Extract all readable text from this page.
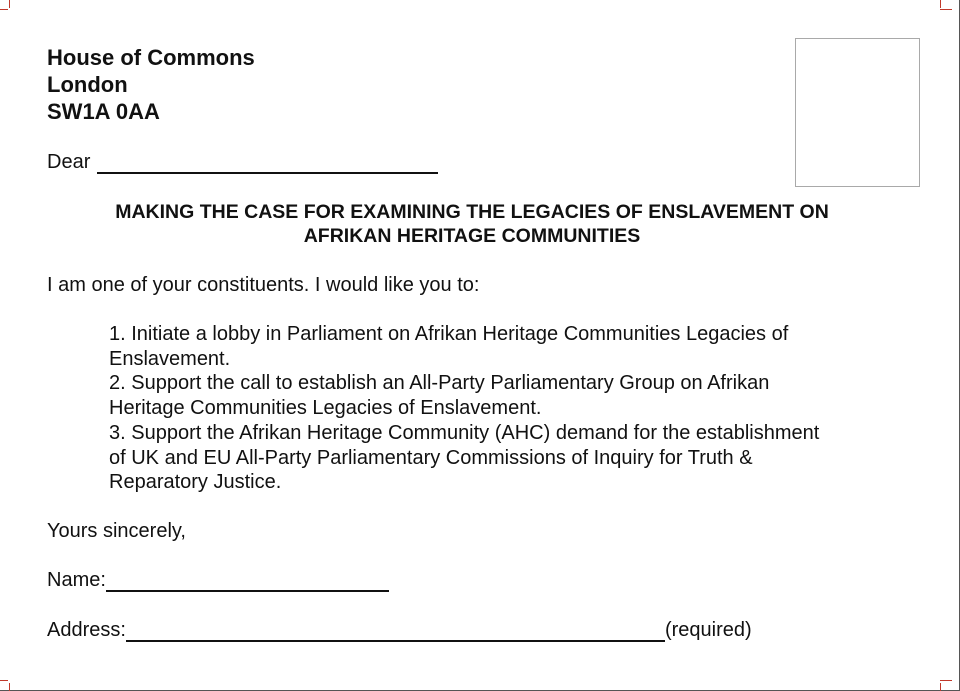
House of Commons
London
SW1A 0AA
Dear
MAKING THE CASE FOR EXAMINING THE LEGACIES OF ENSLAVEMENT ON
AFRIKAN HERITAGE COMMUNITIES
I am one of your constituents. I would like you to:
1. Initiate a lobby in Parliament on Afrikan Heritage Communities Legacies of
Enslavement.
2. Support the call to establish an All-Party Parliamentary Group on Afrikan
Heritage Communities Legacies of Enslavement.
3. Support the Afrikan Heritage Community (AHC) demand for the establishment
of UK and EU All-Party Parliamentary Commissions of Inquiry for Truth &
Reparatory Justice.
Yours sincerely,
Name:
Address:	(required)
